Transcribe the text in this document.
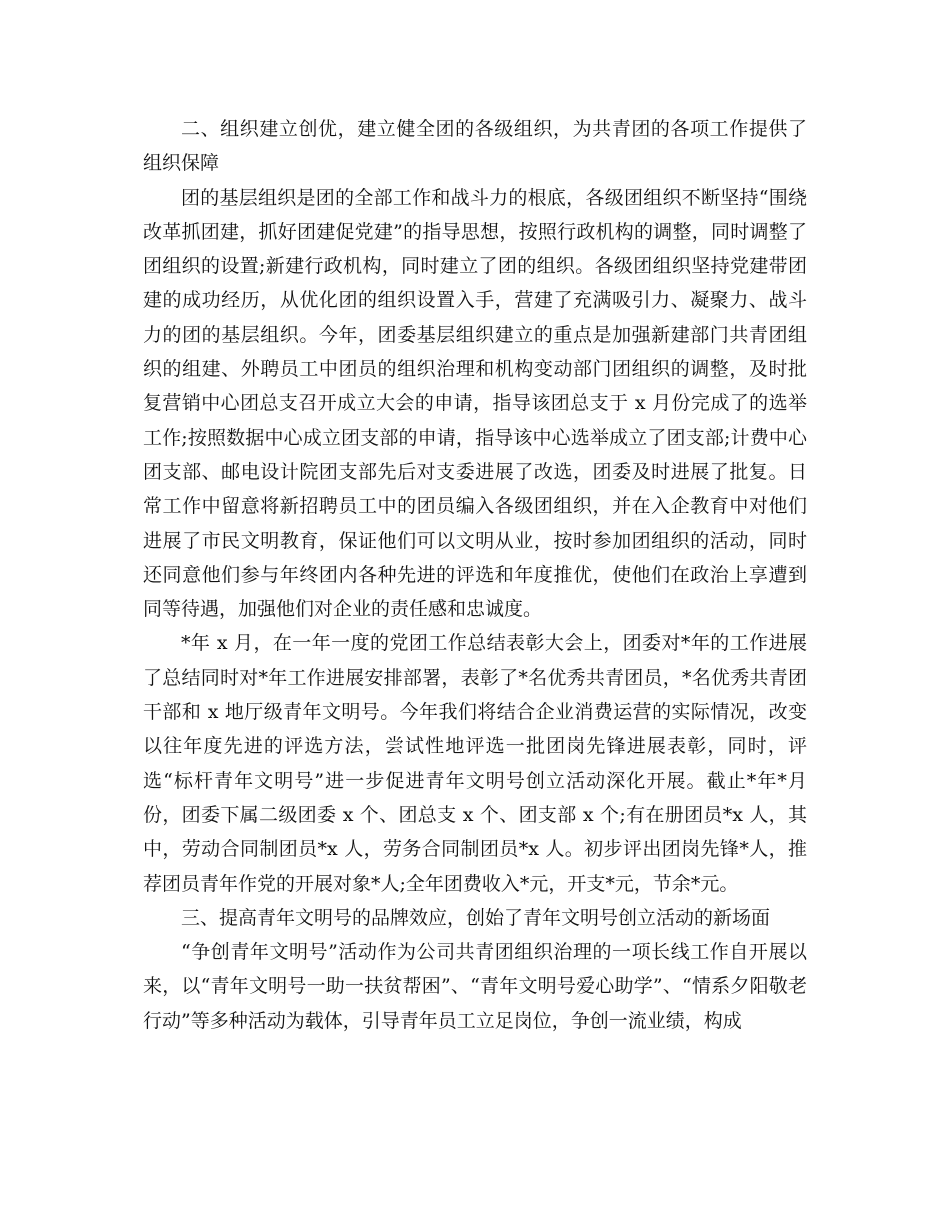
二、组织建立创优，建立健全团的各级组织，为共青团的各项工作提供了组织保障

团的基层组织是团的全部工作和战斗力的根底，各级团组织不断坚持“围绕改革抓团建，抓好团建促党建”的指导思想，按照行政机构的调整，同时调整了团组织的设置;新建行政机构，同时建立了团的组织。各级团组织坚持党建带团建的成功经历，从优化团的组织设置入手，营建了充满吸引力、凝聚力、战斗力的团的基层组织。今年，团委基层组织建立的重点是加强新建部门共青团组织的组建、外聘员工中团员的组织治理和机构变动部门团组织的调整，及时批复营销中心团总支召开成立大会的申请，指导该团总支于 x 月份完成了的选举工作;按照数据中心成立团支部的申请，指导该中心选举成立了团支部;计费中心团支部、邮电设计院团支部先后对支委进展了改选，团委及时进展了批复。日常工作中留意将新招聘员工中的团员编入各级团组织，并在入企教育中对他们进展了市民文明教育，保证他们可以文明从业，按时参加团组织的活动，同时还同意他们参与年终团内各种先进的评选和年度推优，使他们在政治上享遭到同等待遇，加强他们对企业的责任感和忠诚度。

*年 x 月，在一年一度的党团工作总结表彰大会上，团委对*年的工作进展了总结同时对*年工作进展安排部署，表彰了*名优秀共青团员，*名优秀共青团干部和 x 地厅级青年文明号。今年我们将结合企业消费运营的实际情况，改变以往年度先进的评选方法，尝试性地评选一批团岗先锋进展表彰，同时，评选“标杆青年文明号”进一步促进青年文明号创立活动深化开展。截止*年*月份，团委下属二级团委 x 个、团总支 x 个、团支部 x 个;有在册团员*x 人，其中，劳动合同制团员*x 人，劳务合同制团员*x 人。初步评出团岗先锋*人，推荐团员青年作党的开展对象*人;全年团费收入*元，开支*元，节余*元。

三、提高青年文明号的品牌效应，创始了青年文明号创立活动的新场面

“争创青年文明号”活动作为公司共青团组织治理的一项长线工作自开展以来，以“青年文明号一助一扶贫帮困”、“青年文明号爱心助学”、“情系夕阳敬老行动”等多种活动为载体，引导青年员工立足岗位，争创一流业绩，构成
